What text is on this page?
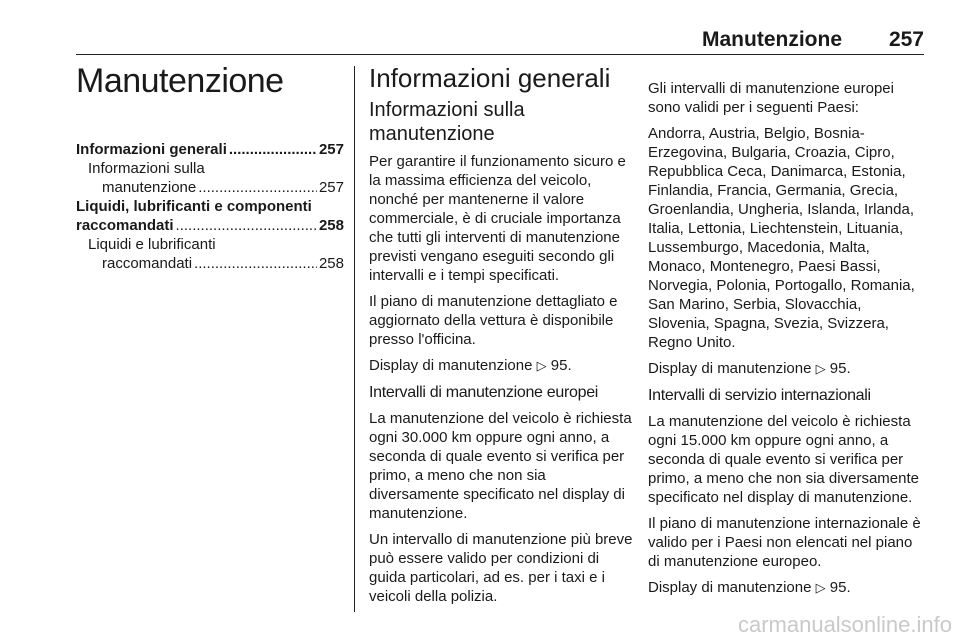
Manutenzione 257
Manutenzione
Informazioni generali .....	257
Informazioni sulla
manutenzione .....	257
Liquidi, lubrificanti e componenti
raccomandati .....	258
Liquidi e lubrificanti
raccomandati .....	258
Informazioni generali
Informazioni sulla manutenzione

Per garantire il funzionamento sicuro e la massima efficienza del veicolo, nonché per mantenerne il valore commerciale, è di cruciale importanza che tutti gli interventi di manutenzione previsti vengano eseguiti secondo gli intervalli e i tempi specificati.

Il piano di manutenzione dettagliato e aggiornato della vettura è disponibile presso l'officina.

Display di manutenzione ▷ 95.

Intervalli di manutenzione europei

La manutenzione del veicolo è richiesta ogni 30.000 km oppure ogni anno, a seconda di quale evento si verifica per primo, a meno che non sia diversamente specificato nel display di manutenzione.

Un intervallo di manutenzione più breve può essere valido per condizioni di guida particolari, ad es. per i taxi e i veicoli della polizia.

Gli intervalli di manutenzione europei sono validi per i seguenti Paesi:

Andorra, Austria, Belgio, Bosnia-Erzegovina, Bulgaria, Croazia, Cipro, Repubblica Ceca, Danimarca, Estonia, Finlandia, Francia, Germania, Grecia, Groenlandia, Ungheria, Islanda, Irlanda, Italia, Lettonia, Liechtenstein, Lituania, Lussemburgo, Macedonia, Malta, Monaco, Montenegro, Paesi Bassi, Norvegia, Polonia, Portogallo, Romania, San Marino, Serbia, Slovacchia, Slovenia, Spagna, Svezia, Svizzera, Regno Unito.

Display di manutenzione ▷ 95.

Intervalli di servizio internazionali

La manutenzione del veicolo è richiesta ogni 15.000 km oppure ogni anno, a seconda di quale evento si verifica per primo, a meno che non sia diversamente specificato nel display di manutenzione.

Il piano di manutenzione internazionale è valido per i Paesi non elencati nel piano di manutenzione europeo.

Display di manutenzione ▷ 95.

carmanualsonline.info
